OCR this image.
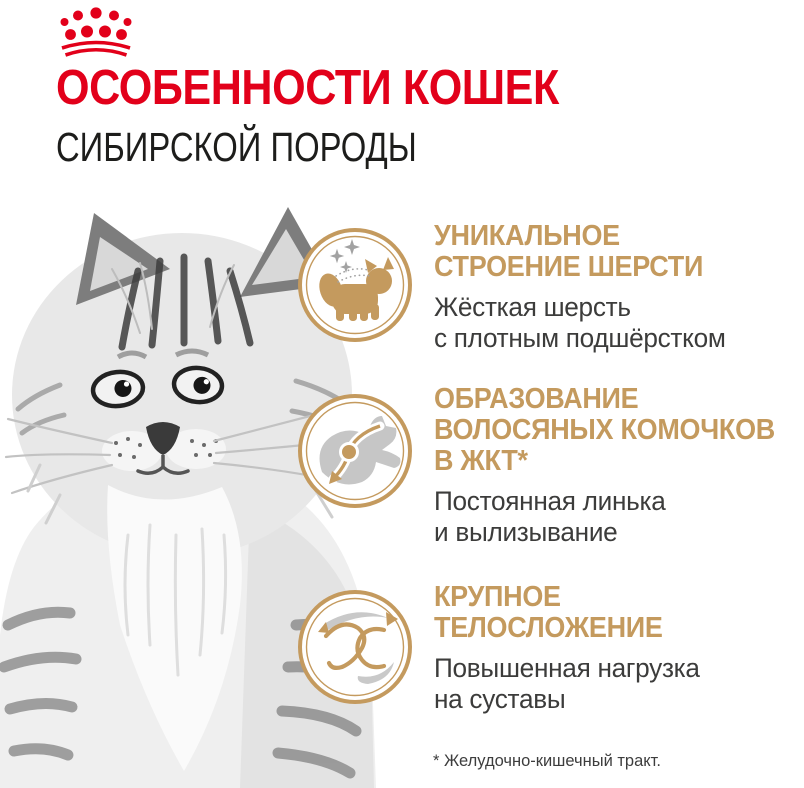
ОСОБЕННОСТИ КОШЕК
СИБИРСКОЙ ПОРОДЫ
УНИКАЛЬНОЕ
СТРОЕНИЕ ШЕРСТИ
Жёсткая шерсть
с плотным подшёрстком
ОБРАЗОВАНИЕ
ВОЛОСЯНЫХ КОМОЧКОВ
В ЖКТ*
Постоянная линька
и вылизывание
КРУПНОЕ
ТЕЛОСЛОЖЕНИЕ
Повышенная нагрузка
на суставы
* Желудочно-кишечный тракт.
